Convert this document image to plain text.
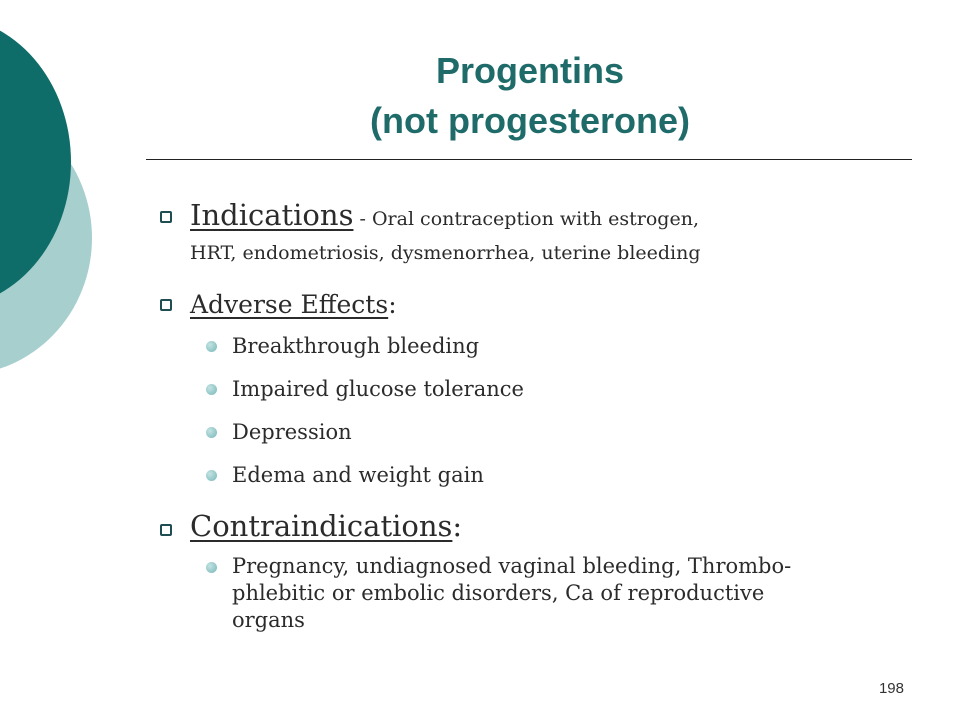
Progentins
(not progesterone)
Indications - Oral contraception with estrogen,
HRT, endometriosis, dysmenorrhea, uterine bleeding
Adverse Effects:
Breakthrough bleeding
Impaired glucose tolerance
Depression
Edema and weight gain
Contraindications:
Pregnancy, undiagnosed vaginal bleeding, Thrombo-
phlebitic or embolic disorders, Ca of reproductive
organs
198
